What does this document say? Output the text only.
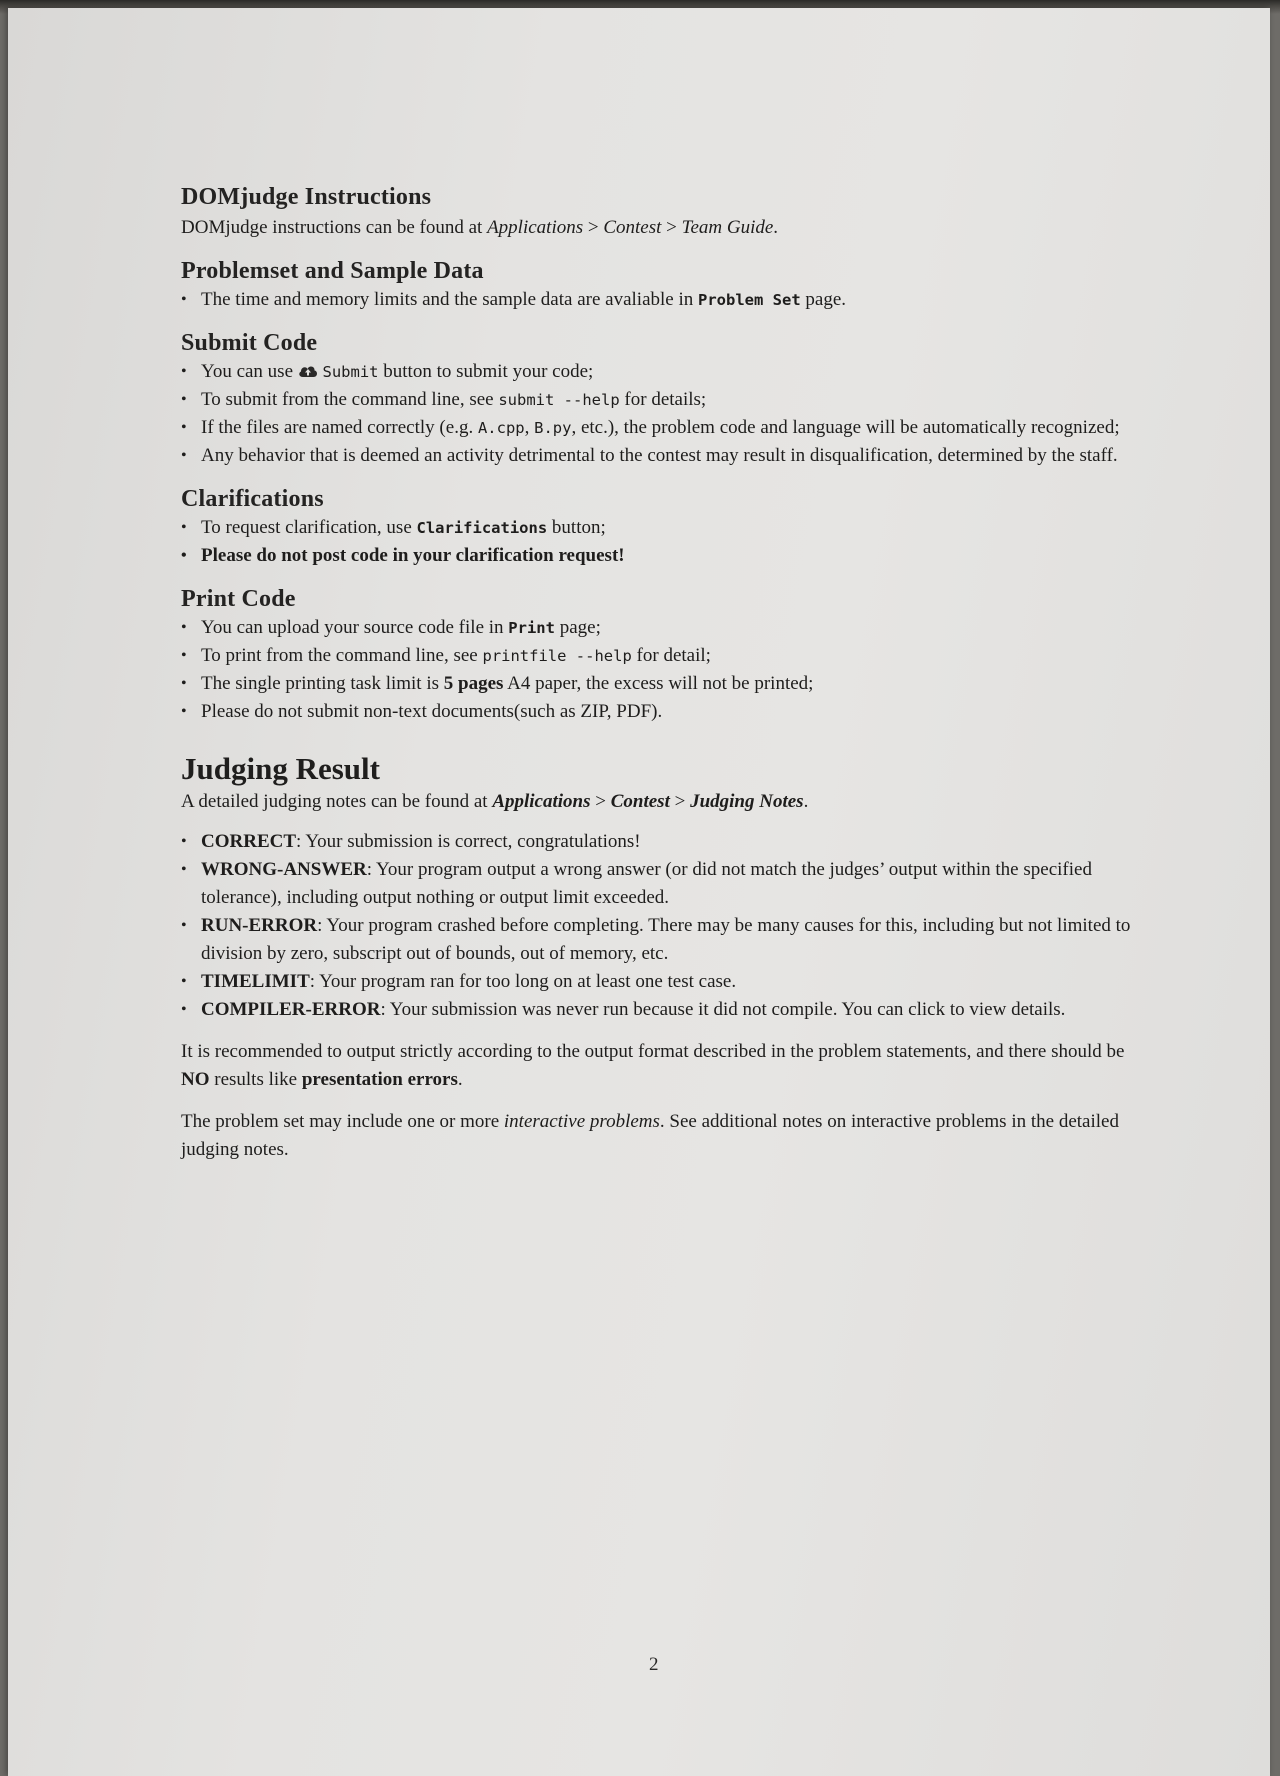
DOMjudge Instructions

DOMjudge instructions can be found at Applications > Contest > Team Guide.

Problemset and Sample Data
• The time and memory limits and the sample data are avaliable in Problem Set page.
Submit Code
• You can use  Submit button to submit your code;
• To submit from the command line, see submit --help for details;
• If the files are named correctly (e.g. A.cpp, B.py, etc.), the problem code and language will be automatically recognized;
• Any behavior that is deemed an activity detrimental to the contest may result in disqualification, determined by the staff.
Clarifications
• To request clarification, use Clarifications button;
• Please do not post code in your clarification request!
Print Code
• You can upload your source code file in Print page;
• To print from the command line, see printfile --help for detail;
• The single printing task limit is 5 pages A4 paper, the excess will not be printed;
• Please do not submit non-text documents(such as ZIP, PDF).
Judging Result

A detailed judging notes can be found at Applications > Contest > Judging Notes.

• CORRECT: Your submission is correct, congratulations!
• WRONG-ANSWER: Your program output a wrong answer (or did not match the judges’ output within the specified tolerance), including output nothing or output limit exceeded.
• RUN-ERROR: Your program crashed before completing. There may be many causes for this, including but not limited to division by zero, subscript out of bounds, out of memory, etc.
• TIMELIMIT: Your program ran for too long on at least one test case.
• COMPILER-ERROR: Your submission was never run because it did not compile. You can click to view details.

It is recommended to output strictly according to the output format described in the problem statements, and there should be NO results like presentation errors.

The problem set may include one or more interactive problems. See additional notes on interactive problems in the detailed judging notes.

2
